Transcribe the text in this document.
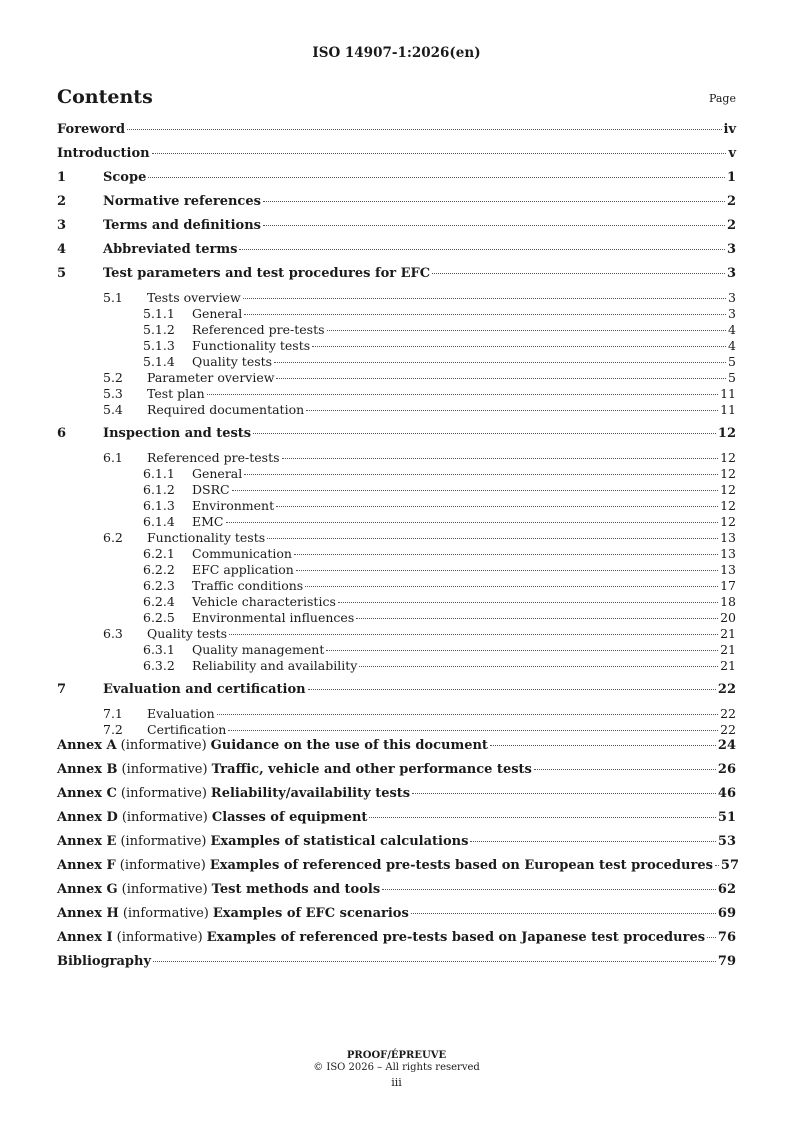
ISO 14907-1:2026(en)
Contents	Page
Foreword	iv
Introduction	v
1	Scope	1
2	Normative references	2
3	Terms and definitions	2
4	Abbreviated terms	3
5	Test parameters and test procedures for EFC	3
5.1	Tests overview	3
5.1.1	General	3
5.1.2	Referenced pre-tests	4
5.1.3	Functionality tests	4
5.1.4	Quality tests	5
5.2	Parameter overview	5
5.3	Test plan	11
5.4	Required documentation	11
6	Inspection and tests	12
6.1	Referenced pre-tests	12
6.1.1	General	12
6.1.2	DSRC	12
6.1.3	Environment	12
6.1.4	EMC	12
6.2	Functionality tests	13
6.2.1	Communication	13
6.2.2	EFC application	13
6.2.3	Traffic conditions	17
6.2.4	Vehicle characteristics	18
6.2.5	Environmental influences	20
6.3	Quality tests	21
6.3.1	Quality management	21
6.3.2	Reliability and availability	21
7	Evaluation and certification	22
7.1	Evaluation	22
7.2	Certification	22
Annex A (informative) Guidance on the use of this document	24
Annex B (informative) Traffic, vehicle and other performance tests	26
Annex C (informative) Reliability/availability tests	46
Annex D (informative) Classes of equipment	51
Annex E (informative) Examples of statistical calculations	53
Annex F (informative) Examples of referenced pre-tests based on European test procedures 57
Annex G (informative) Test methods and tools	62
Annex H (informative) Examples of EFC scenarios	69
Annex I (informative) Examples of referenced pre-tests based on Japanese test procedures 76
Bibliography	79
PROOF/ÉPREUVE
© ISO 2026 – All rights reserved
iii
